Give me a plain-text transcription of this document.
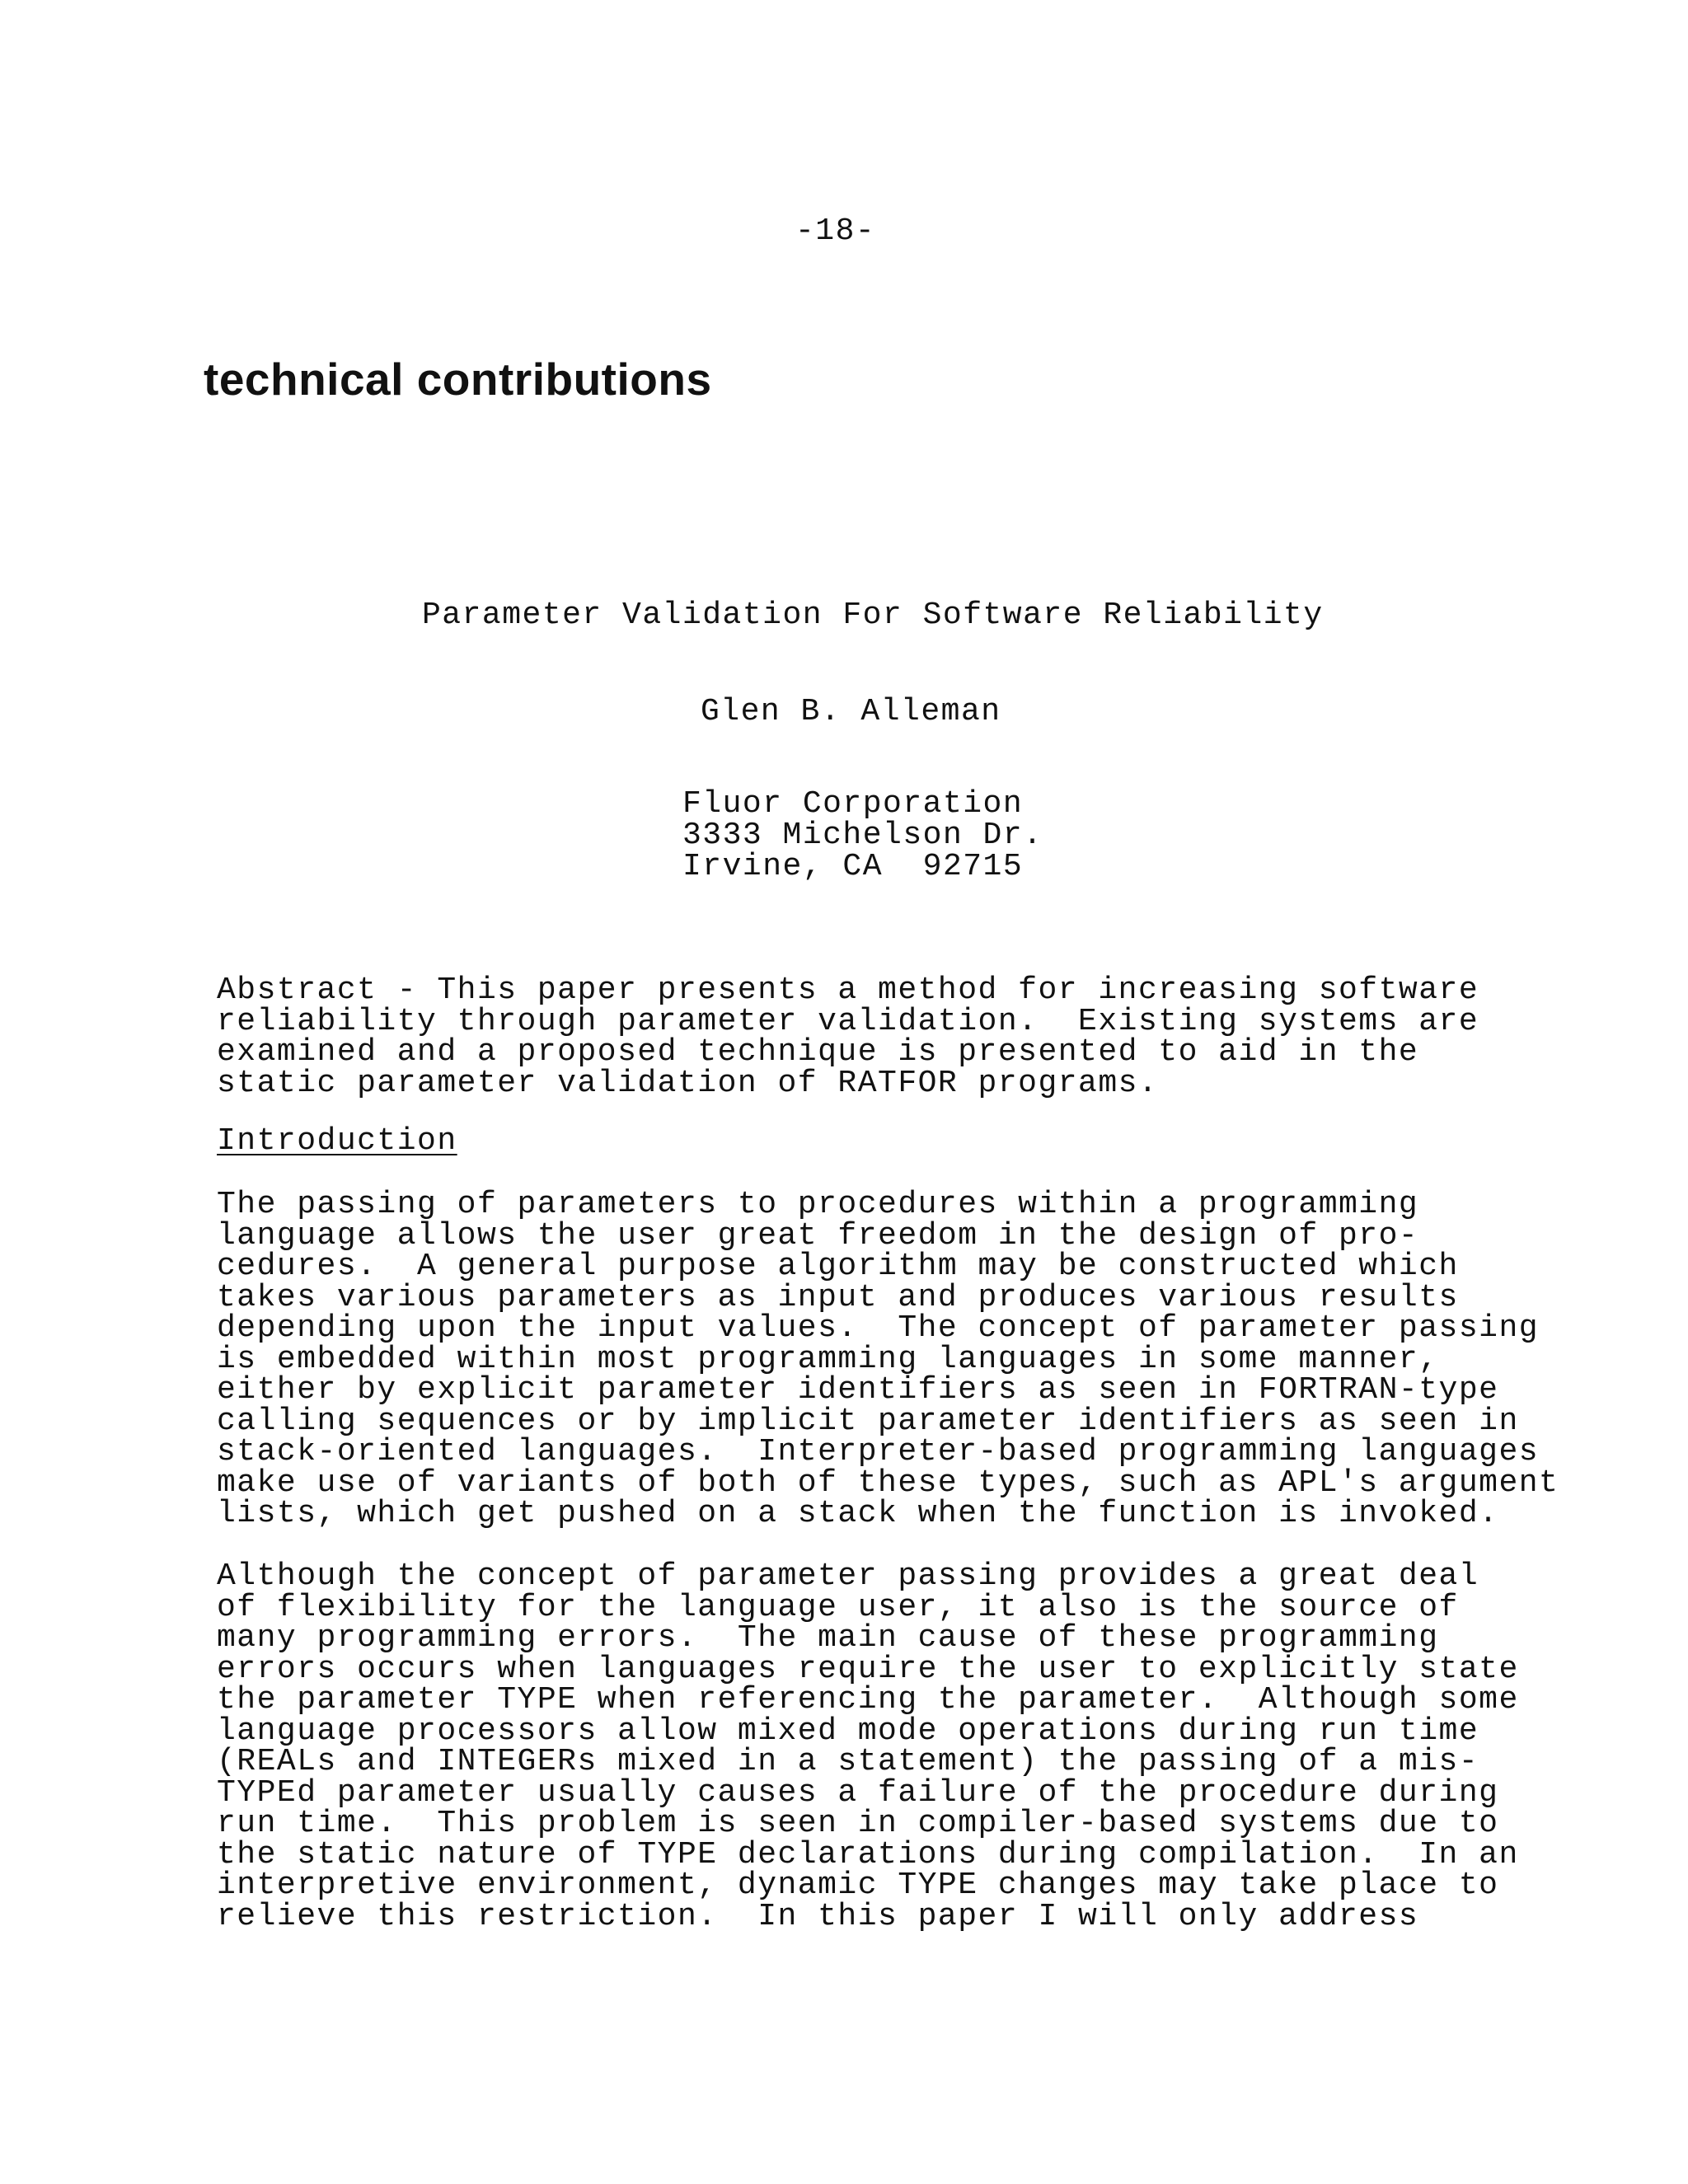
-18-
technical contributions
Parameter Validation For Software Reliability
Glen B. Alleman
Fluor Corporation
3333 Michelson Dr.
Irvine, CA  92715
Abstract - This paper presents a method for increasing software
reliability through parameter validation.  Existing systems are
examined and a proposed technique is presented to aid in the
static parameter validation of RATFOR programs.
Introduction
The passing of parameters to procedures within a programming
language allows the user great freedom in the design of pro-
cedures.  A general purpose algorithm may be constructed which
takes various parameters as input and produces various results
depending upon the input values.  The concept of parameter passing
is embedded within most programming languages in some manner,
either by explicit parameter identifiers as seen in FORTRAN-type
calling sequences or by implicit parameter identifiers as seen in
stack-oriented languages.  Interpreter-based programming languages
make use of variants of both of these types, such as APL's argument
lists, which get pushed on a stack when the function is invoked.
Although the concept of parameter passing provides a great deal
of flexibility for the language user, it also is the source of
many programming errors.  The main cause of these programming
errors occurs when languages require the user to explicitly state
the parameter TYPE when referencing the parameter.  Although some
language processors allow mixed mode operations during run time
(REALs and INTEGERs mixed in a statement) the passing of a mis-
TYPEd parameter usually causes a failure of the procedure during
run time.  This problem is seen in compiler-based systems due to
the static nature of TYPE declarations during compilation.  In an
interpretive environment, dynamic TYPE changes may take place to
relieve this restriction.  In this paper I will only address
